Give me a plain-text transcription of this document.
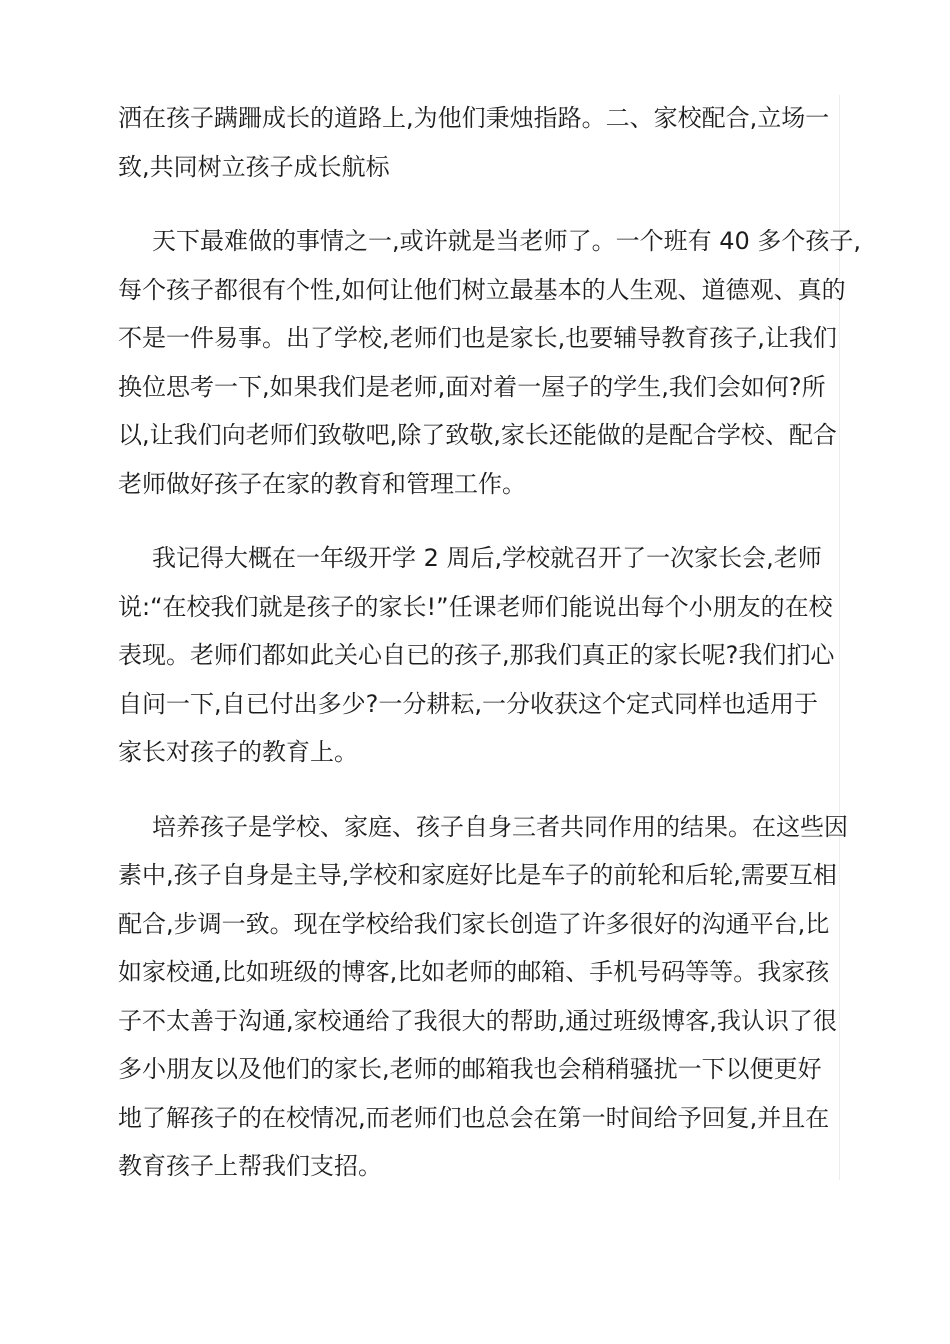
洒在孩子蹒跚成长的道路上,为他们秉烛指路。二、家校配合,立场一
致,共同树立孩子成长航标
天下最难做的事情之一,或许就是当老师了。一个班有 40 多个孩子,
每个孩子都很有个性,如何让他们树立最基本的人生观、道德观、真的
不是一件易事。出了学校,老师们也是家长,也要辅导教育孩子,让我们
换位思考一下,如果我们是老师,面对着一屋子的学生,我们会如何?所
以,让我们向老师们致敬吧,除了致敬,家长还能做的是配合学校、配合
老师做好孩子在家的教育和管理工作。
我记得大概在一年级开学 2 周后,学校就召开了一次家长会,老师
说:“在校我们就是孩子的家长!”任课老师们能说出每个小朋友的在校
表现。老师们都如此关心自已的孩子,那我们真正的家长呢?我们扪心
自问一下,自已付出多少?一分耕耘,一分收获这个定式同样也适用于
家长对孩子的教育上。
培养孩子是学校、家庭、孩子自身三者共同作用的结果。在这些因
素中,孩子自身是主导,学校和家庭好比是车子的前轮和后轮,需要互相
配合,步调一致。现在学校给我们家长创造了许多很好的沟通平台,比
如家校通,比如班级的博客,比如老师的邮箱、手机号码等等。我家孩
子不太善于沟通,家校通给了我很大的帮助,通过班级博客,我认识了很
多小朋友以及他们的家长,老师的邮箱我也会稍稍骚扰一下以便更好
地了解孩子的在校情况,而老师们也总会在第一时间给予回复,并且在
教育孩子上帮我们支招。
